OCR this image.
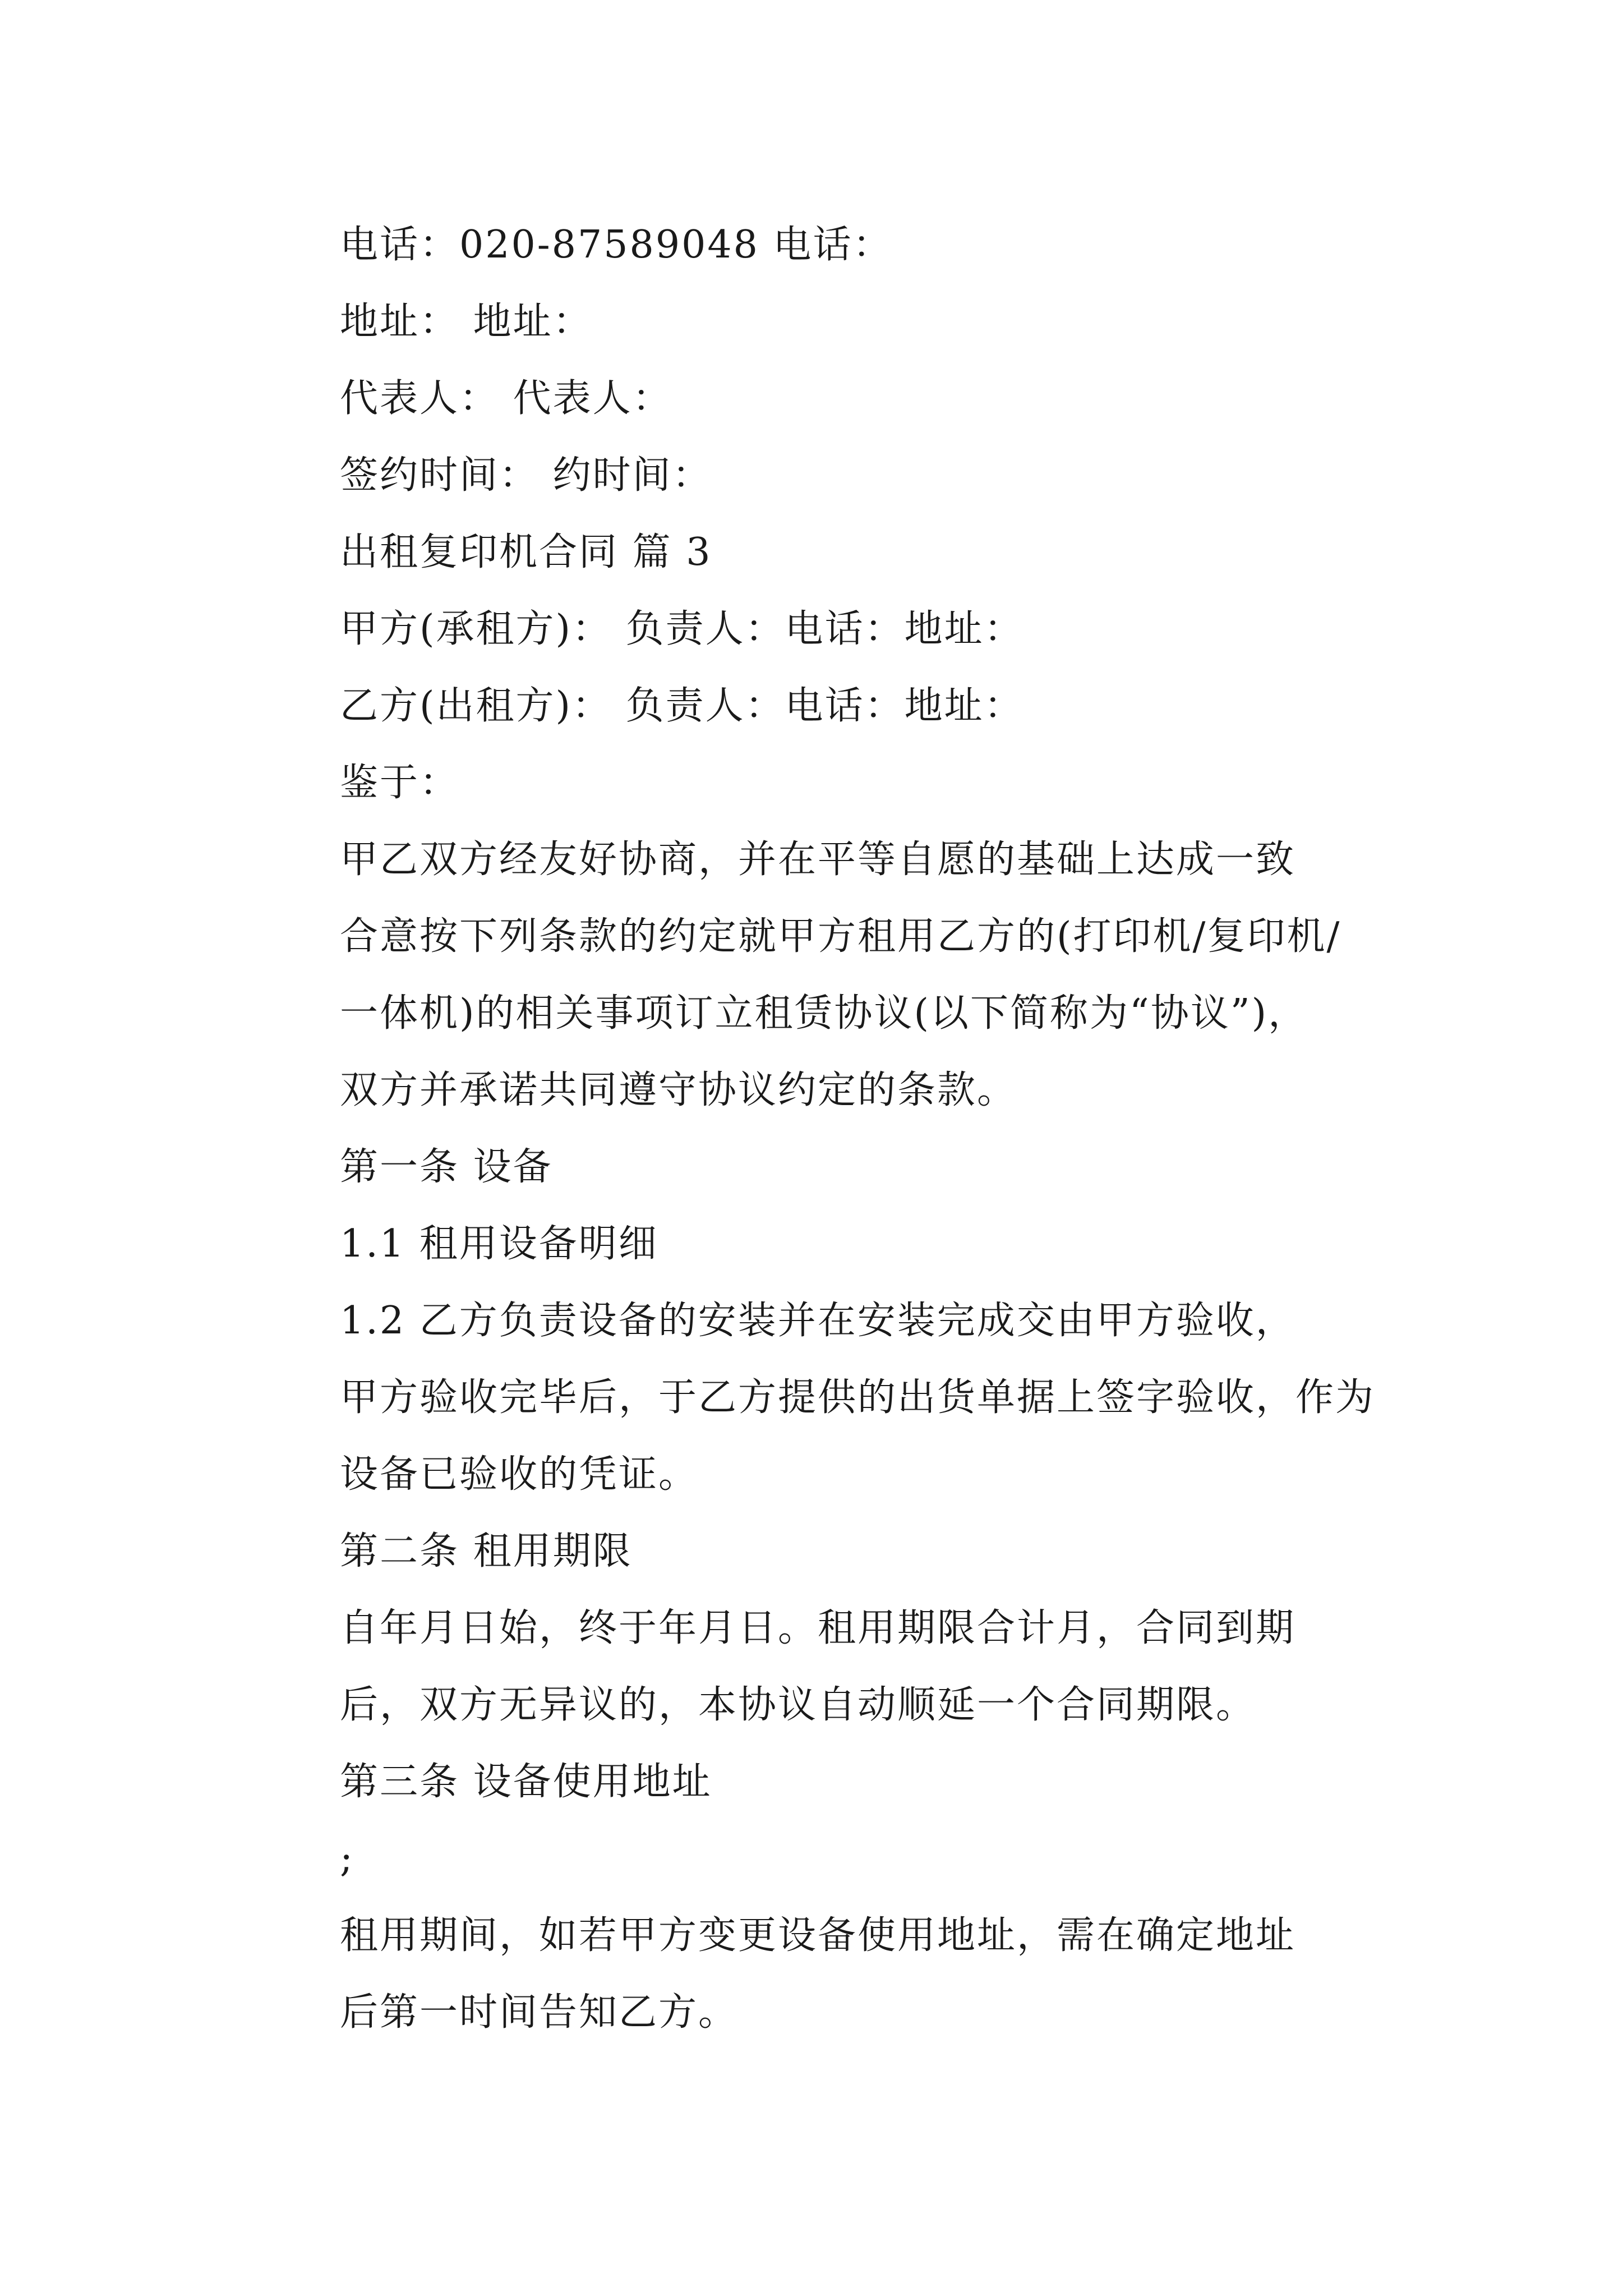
电话：020-87589048 电话：

地址： 地址：

代表人： 代表人：

签约时间： 约时间：

出租复印机合同 篇 3

甲方(承租方)： 负责人：电话：地址：

乙方(出租方)： 负责人：电话：地址：

鉴于：

甲乙双方经友好协商，并在平等自愿的基础上达成一致
合意按下列条款的约定就甲方租用乙方的(打印机/复印机/
一体机)的相关事项订立租赁协议(以下简称为“协议”)，
双方并承诺共同遵守协议约定的条款。

第一条 设备

1.1 租用设备明细

1.2 乙方负责设备的安装并在安装完成交由甲方验收，
甲方验收完毕后，于乙方提供的出货单据上签字验收，作为
设备已验收的凭证。

第二条 租用期限

自年月日始，终于年月日。租用期限合计月，合同到期
后，双方无异议的，本协议自动顺延一个合同期限。

第三条 设备使用地址

;

租用期间，如若甲方变更设备使用地址，需在确定地址
后第一时间告知乙方。
